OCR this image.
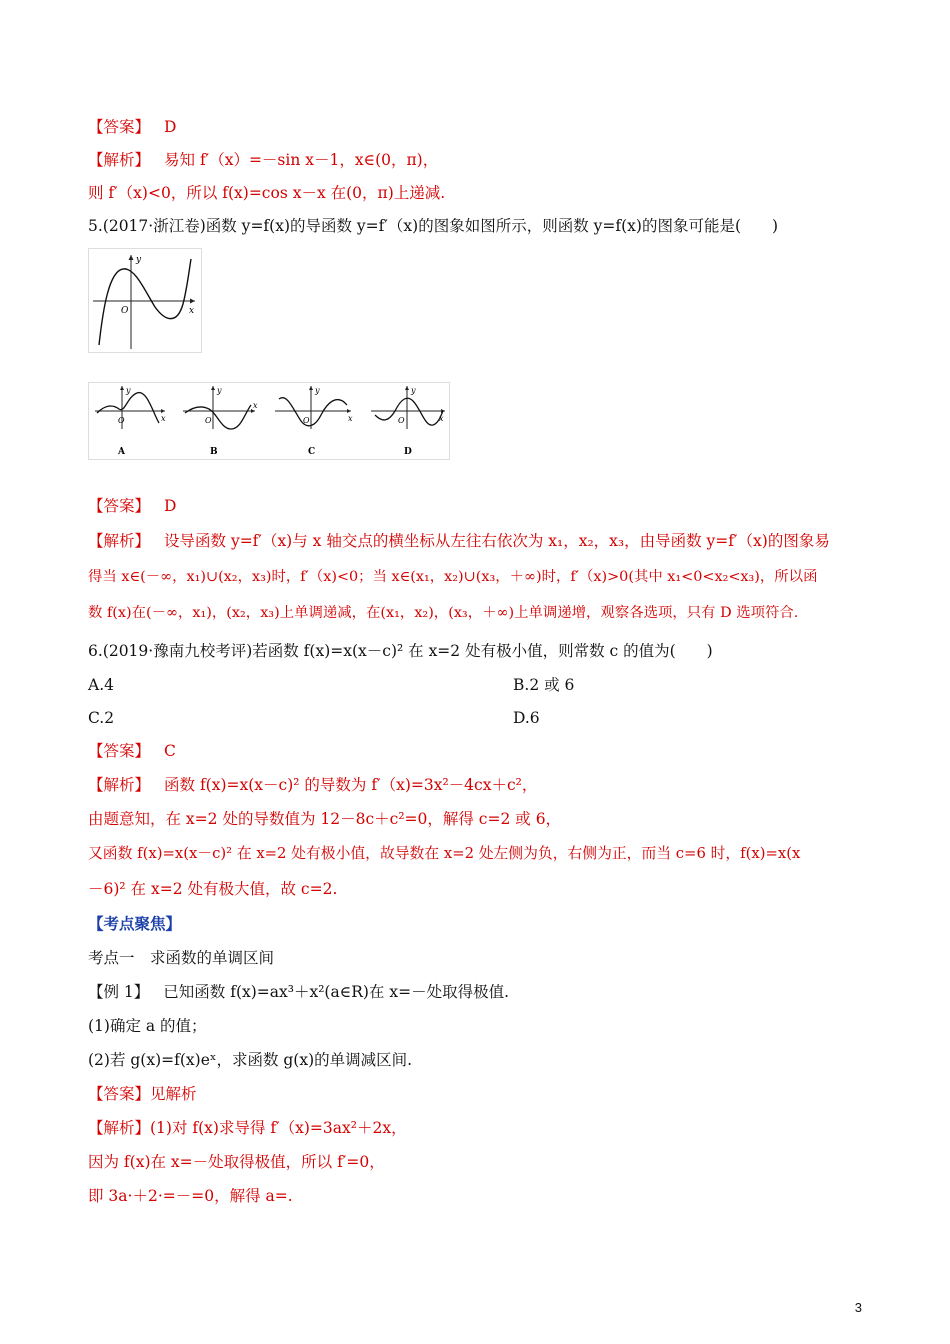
【答案】 D
【解析】 易知 f′（x）=－sin x－1，x∈(0，π)，
则 f′（x)<0，所以 f(x)=cos x－x 在(0，π)上递减.
5.(2017·浙江卷)函数 y=f(x)的导函数 y=f′（x)的图象如图所示，则函数 y=f(x)的图象可能是(　　)
x
y
O
y
x
O
A
y
x
O
B
y
x
O
C
y
x
O
D
【答案】 D
【解析】 设导函数 y=f′（x)与 x 轴交点的横坐标从左往右依次为 x₁，x₂，x₃，由导函数 y=f′（x)的图象易
得当 x∈(－∞，x₁)∪(x₂，x₃)时，f′（x)<0；当 x∈(x₁，x₂)∪(x₃，＋∞)时，f′（x)>0(其中 x₁<0<x₂<x₃)，所以函
数 f(x)在(－∞，x₁)，(x₂，x₃)上单调递减，在(x₁，x₂)，(x₃，＋∞)上单调递增，观察各选项，只有 D 选项符合.
6.(2019·豫南九校考评)若函数 f(x)=x(x－c)² 在 x=2 处有极小值，则常数 c 的值为(　　)
A.4	B.2 或 6
C.2	D.6
【答案】 C
【解析】 函数 f(x)=x(x－c)² 的导数为 f′（x)=3x²－4cx＋c²，
由题意知，在 x=2 处的导数值为 12－8c＋c²=0，解得 c=2 或 6，
又函数 f(x)=x(x－c)² 在 x=2 处有极小值，故导数在 x=2 处左侧为负，右侧为正，而当 c=6 时，f(x)=x(x
－6)² 在 x=2 处有极大值，故 c=2.
【考点聚焦】
考点一　求函数的单调区间
【例 1】 已知函数 f(x)=ax³＋x²(a∈R)在 x=－处取得极值.
(1)确定 a 的值；
(2)若 g(x)=f(x)eˣ，求函数 g(x)的单调减区间.
【答案】见解析
【解析】(1)对 f(x)求导得 f′（x)=3ax²＋2x，
因为 f(x)在 x=－处取得极值，所以 f′=0，
即 3a·＋2·=－=0，解得 a=.
3
